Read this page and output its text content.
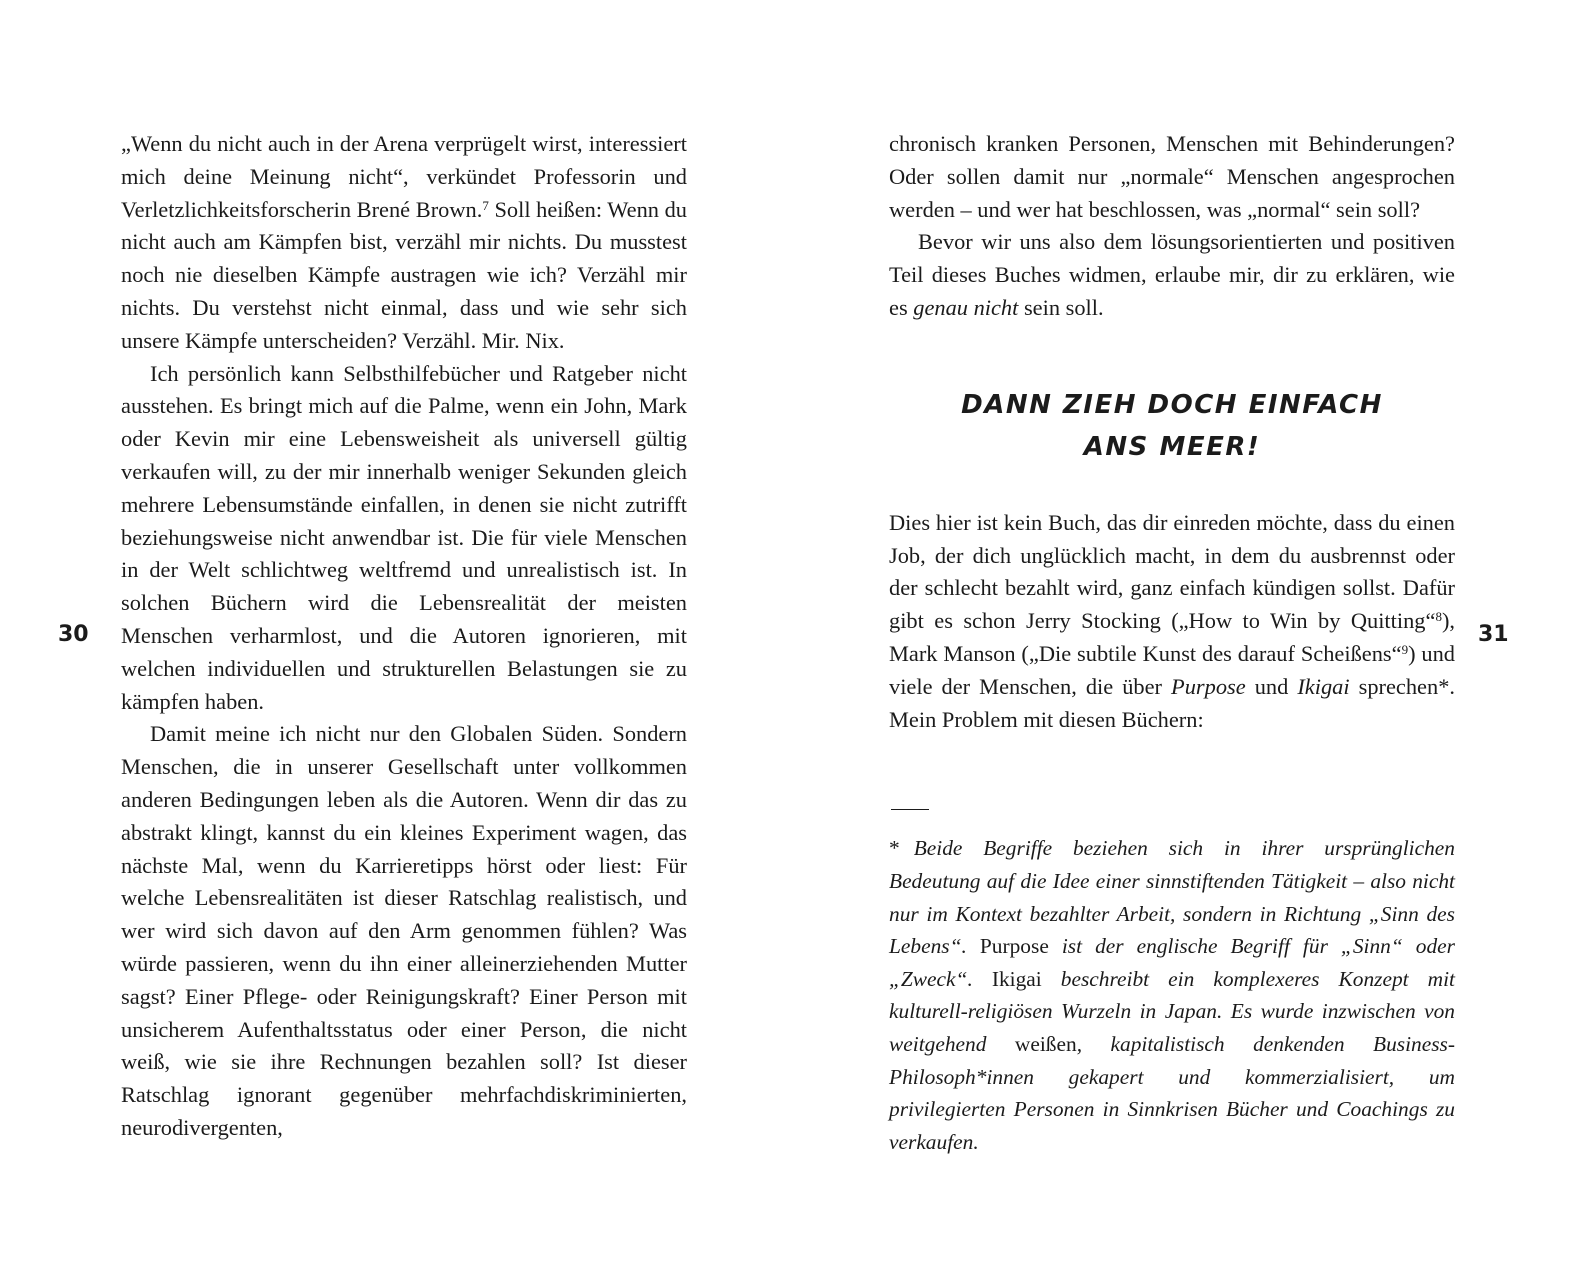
30	31

„Wenn du nicht auch in der Arena verprügelt wirst, interessiert mich deine Meinung nicht“, verkündet Professorin und Verletzlichkeitsforscherin Brené Brown.$^7$ Soll heißen: Wenn du nicht auch am Kämpfen bist, verzähl mir nichts. Du musstest noch nie dieselben Kämpfe austragen wie ich? Verzähl mir nichts. Du verstehst nicht einmal, dass und wie sehr sich unsere Kämpfe unterscheiden? Verzähl. Mir. Nix.

Ich persönlich kann Selbsthilfebücher und Ratgeber nicht ausstehen. Es bringt mich auf die Palme, wenn ein John, Mark oder Kevin mir eine Lebensweisheit als universell gültig verkaufen will, zu der mir innerhalb weniger Sekunden gleich mehrere Lebensumstände einfallen, in denen sie nicht zutrifft beziehungsweise nicht anwendbar ist. Die für viele Menschen in der Welt schlichtweg weltfremd und unrealistisch ist. In solchen Büchern wird die Lebensrealität der meisten Menschen verharmlost, und die Autoren ignorieren, mit welchen individuellen und strukturellen Belastungen sie zu kämpfen haben.

Damit meine ich nicht nur den Globalen Süden. Sondern Menschen, die in unserer Gesellschaft unter vollkommen anderen Bedingungen leben als die Autoren. Wenn dir das zu abstrakt klingt, kannst du ein kleines Experiment wagen, das nächste Mal, wenn du Karrieretipps hörst oder liest: Für welche Lebensrealitäten ist dieser Ratschlag realistisch, und wer wird sich davon auf den Arm genommen fühlen? Was würde passieren, wenn du ihn einer alleinerziehenden Mutter sagst? Einer Pflege- oder Reinigungskraft? Einer Person mit unsicherem Aufenthaltsstatus oder einer Person, die nicht weiß, wie sie ihre Rechnungen bezahlen soll? Ist dieser Ratschlag ignorant gegenüber mehrfachdiskriminierten, neurodivergenten,

chronisch kranken Personen, Menschen mit Behinderungen? Oder sollen damit nur „normale“ Menschen angesprochen werden – und wer hat beschlossen, was „normal“ sein soll?

Bevor wir uns also dem lösungsorientierten und positiven Teil dieses Buches widmen, erlaube mir, dir zu erklären, wie es genau nicht sein soll.

DANN ZIEH DOCH EINFACH
ANS MEER!

Dies hier ist kein Buch, das dir einreden möchte, dass du einen Job, der dich unglücklich macht, in dem du ausbrennst oder der schlecht bezahlt wird, ganz einfach kündigen sollst. Dafür gibt es schon Jerry Stocking („How to Win by Quitting“$^8$), Mark Manson („Die subtile Kunst des darauf Scheißens“$^9$) und viele der Menschen, die über Purpose und Ikigai sprechen*. Mein Problem mit diesen Büchern:

* Beide Begriffe beziehen sich in ihrer ursprünglichen Bedeutung auf die Idee einer sinnstiftenden Tätigkeit – also nicht nur im Kontext bezahlter Arbeit, sondern in Richtung „Sinn des Lebens“. Purpose ist der englische Begriff für „Sinn“ oder „Zweck“. Ikigai beschreibt ein komplexeres Konzept mit kulturell-religiösen Wurzeln in Japan. Es wurde inzwischen von weitgehend weißen, kapitalistisch denkenden Business-Philosoph*innen gekapert und kommerzialisiert, um privilegierten Personen in Sinnkrisen Bücher und Coachings zu verkaufen.
